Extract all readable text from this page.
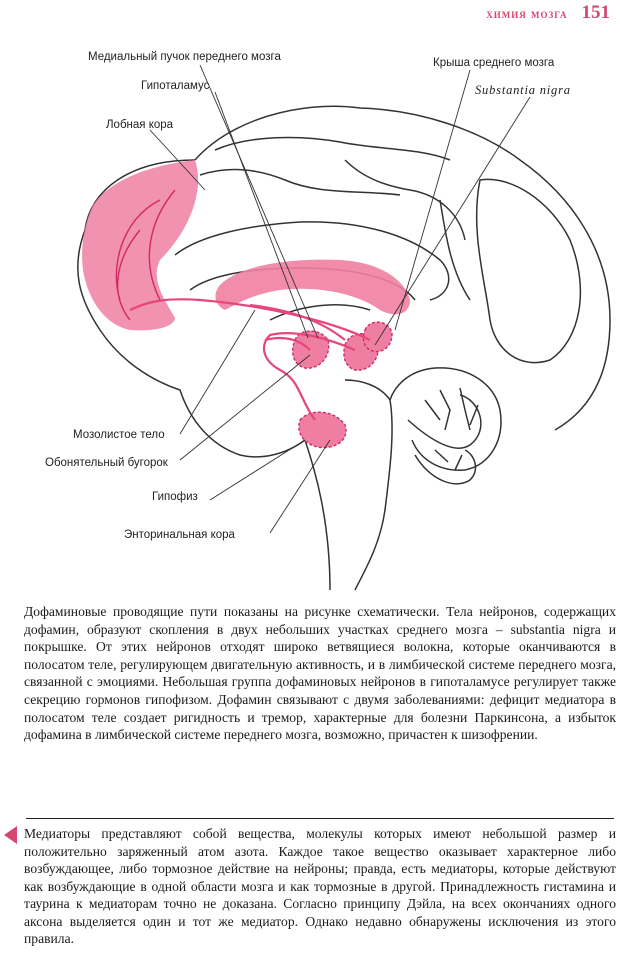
химия мозга 151
Медиальный пучок переднего мозга
Гипоталамус
Лобная кора
Крыша среднего мозга
Substantia nigra
Мозолистое тело
Обонятельный бугорок
Гипофиз
Энторинальная кора

Дофаминовые проводящие пути показаны на рисунке схематически. Тела нейронов, содержащих дофамин, образуют скопления в двух небольших участках среднего мозга – substantia nigra и покрышке. От этих нейронов отходят широко ветвящиеся волокна, которые оканчиваются в полосатом теле, регулирующем двигательную активность, и в лимбической системе переднего мозга, связанной с эмоциями. Небольшая группа дофаминовых нейронов в гипоталамусе регулирует также секрецию гормонов гипофизом. Дофамин связывают с двумя заболеваниями: дефицит медиатора в полосатом теле создает ригидность и тремор, характерные для болезни Паркинсона, а избыток дофамина в лимбической системе переднего мозга, возможно, причастен к шизофрении.

Медиаторы представляют собой вещества, молекулы которых имеют небольшой размер и положительно заряженный атом азота. Каждое такое вещество оказывает характерное либо возбуждающее, либо тормозное действие на нейроны; правда, есть медиаторы, которые действуют как возбуждающие в одной области мозга и как тормозные в другой. Принадлежность гистамина и таурина к медиаторам точно не доказана. Согласно принципу Дэйла, на всех окончаниях одного аксона выделяется один и тот же медиатор. Однако недавно обнаружены исключения из этого правила.
